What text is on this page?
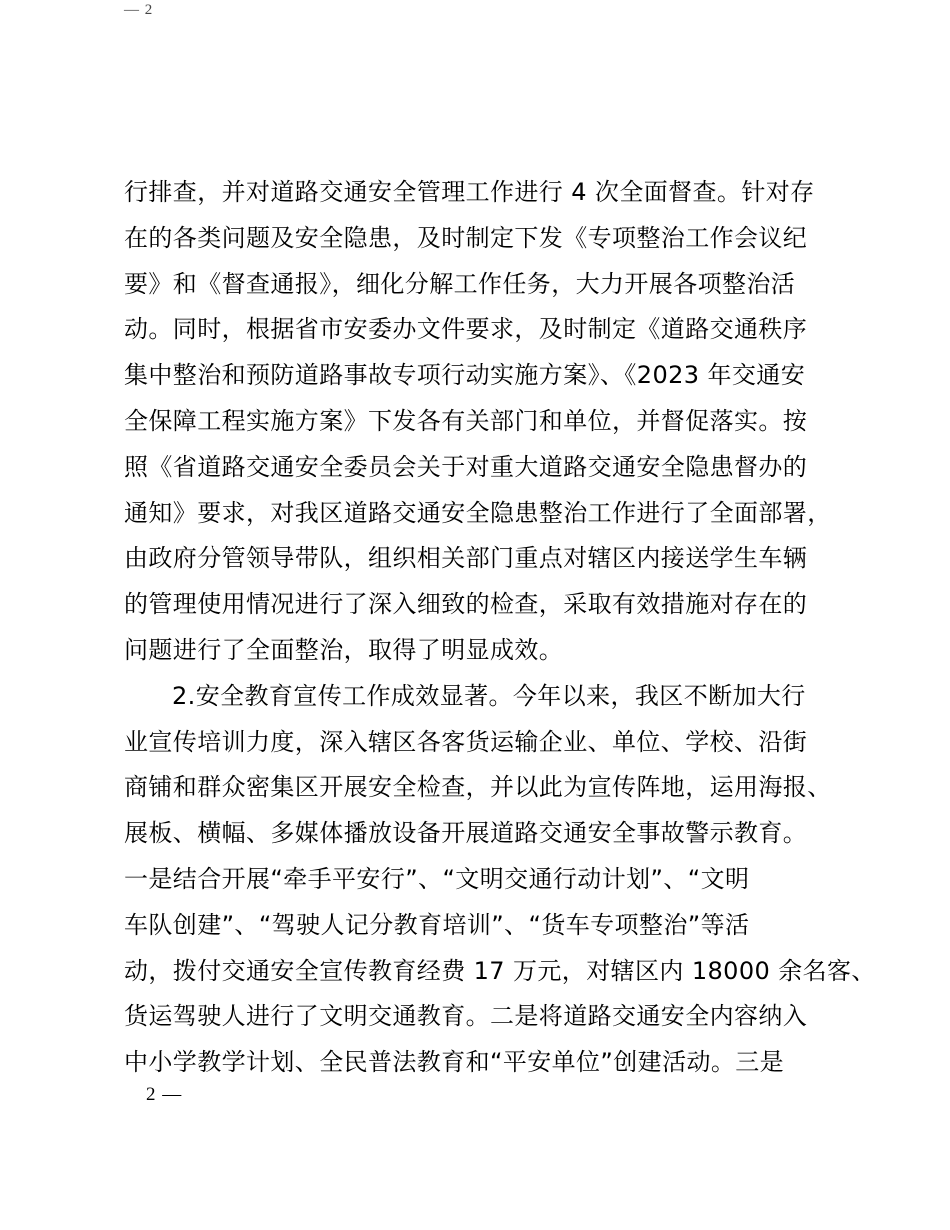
— 2
行排查，并对道路交通安全管理工作进行 4 次全面督查。针对存
在的各类问题及安全隐患，及时制定下发《专项整治工作会议纪
要》和《督查通报》，细化分解工作任务，大力开展各项整治活
动。同时，根据省市安委办文件要求，及时制定《道路交通秩序
集中整治和预防道路事故专项行动实施方案》、《2023 年交通安
全保障工程实施方案》下发各有关部门和单位，并督促落实。按
照《省道路交通安全委员会关于对重大道路交通安全隐患督办的
通知》要求，对我区道路交通安全隐患整治工作进行了全面部署，
由政府分管领导带队，组织相关部门重点对辖区内接送学生车辆
的管理使用情况进行了深入细致的检查，采取有效措施对存在的
问题进行了全面整治，取得了明显成效。
2.安全教育宣传工作成效显著。今年以来，我区不断加大行
业宣传培训力度，深入辖区各客货运输企业、单位、学校、沿街
商铺和群众密集区开展安全检查，并以此为宣传阵地，运用海报、
展板、横幅、多媒体播放设备开展道路交通安全事故警示教育。
一是结合开展“牵手平安行”、“文明交通行动计划”、“文明
车队创建”、“驾驶人记分教育培训”、“货车专项整治”等活
动，拨付交通安全宣传教育经费 17 万元，对辖区内 18000 余名客、
货运驾驶人进行了文明交通教育。二是将道路交通安全内容纳入
中小学教学计划、全民普法教育和“平安单位”创建活动。三是
2 —
